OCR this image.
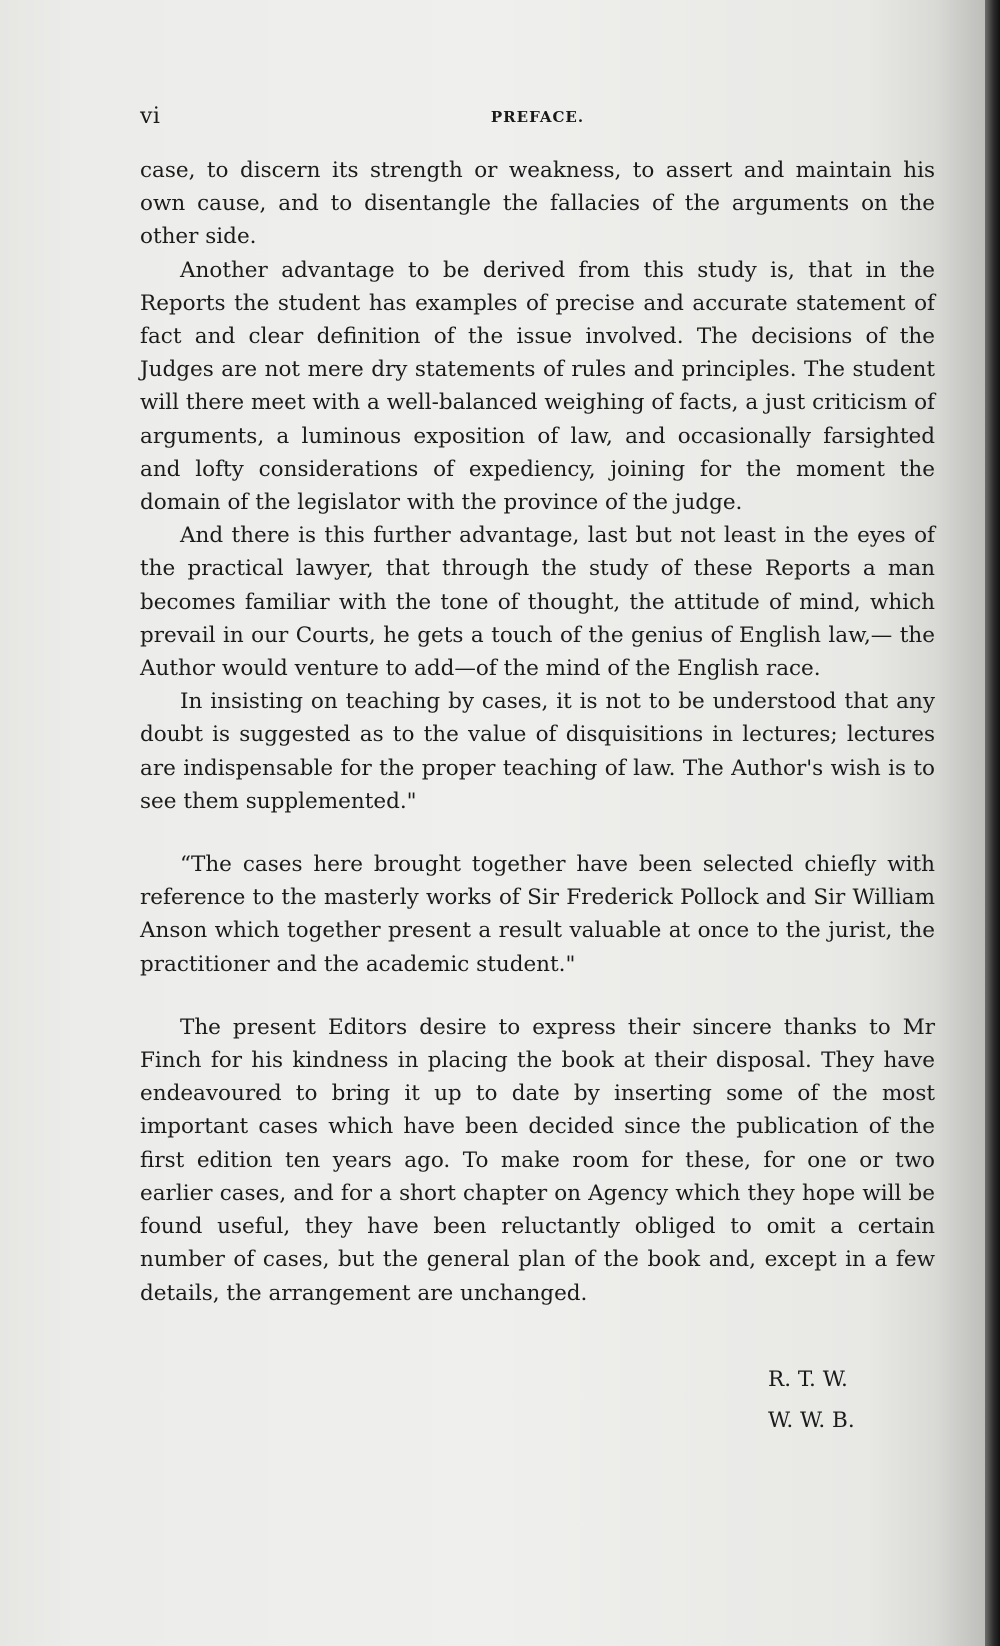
vi	PREFACE.

case, to discern its strength or weakness, to assert and maintain his own cause, and to disentangle the fallacies of the arguments on the other side.

Another advantage to be derived from this study is, that in the Reports the student has examples of precise and accurate statement of fact and clear definition of the issue involved. The decisions of the Judges are not mere dry statements of rules and principles. The student will there meet with a well-balanced weighing of facts, a just criticism of arguments, a luminous exposition of law, and occasionally farsighted and lofty considerations of expediency, joining for the moment the domain of the legislator with the province of the judge.

And there is this further advantage, last but not least in the eyes of the practical lawyer, that through the study of these Reports a man becomes familiar with the tone of thought, the attitude of mind, which prevail in our Courts, he gets a touch of the genius of English law,— the Author would venture to add—of the mind of the English race.

In insisting on teaching by cases, it is not to be understood that any doubt is suggested as to the value of disquisitions in lectures; lectures are indispensable for the proper teaching of law. The Author's wish is to see them supplemented."

“The cases here brought together have been selected chiefly with reference to the masterly works of Sir Frederick Pollock and Sir William Anson which together present a result valuable at once to the jurist, the practitioner and the academic student."

The present Editors desire to express their sincere thanks to Mr Finch for his kindness in placing the book at their disposal. They have endeavoured to bring it up to date by inserting some of the most important cases which have been decided since the publication of the first edition ten years ago. To make room for these, for one or two earlier cases, and for a short chapter on Agency which they hope will be found useful, they have been reluctantly obliged to omit a certain number of cases, but the general plan of the book and, except in a few details, the arrangement are unchanged.

R. T. W.
W. W. B.
